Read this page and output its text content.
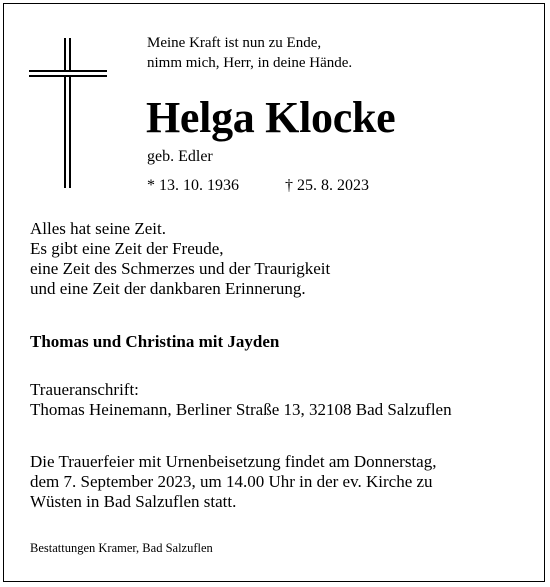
Meine Kraft ist nun zu Ende,
nimm mich, Herr, in deine Hände.
Helga Klocke
geb. Edler
* 13. 10. 1936	† 25. 8. 2023
Alles hat seine Zeit.
Es gibt eine Zeit der Freude,
eine Zeit des Schmerzes und der Traurigkeit
und eine Zeit der dankbaren Erinnerung.
Thomas und Christina mit Jayden
Traueranschrift:
Thomas Heinemann, Berliner Straße 13, 32108 Bad Salzuflen
Die Trauerfeier mit Urnenbeisetzung findet am Donnerstag,
dem 7. September 2023, um 14.00 Uhr in der ev. Kirche zu
Wüsten in Bad Salzuflen statt.
Bestattungen Kramer, Bad Salzuflen
